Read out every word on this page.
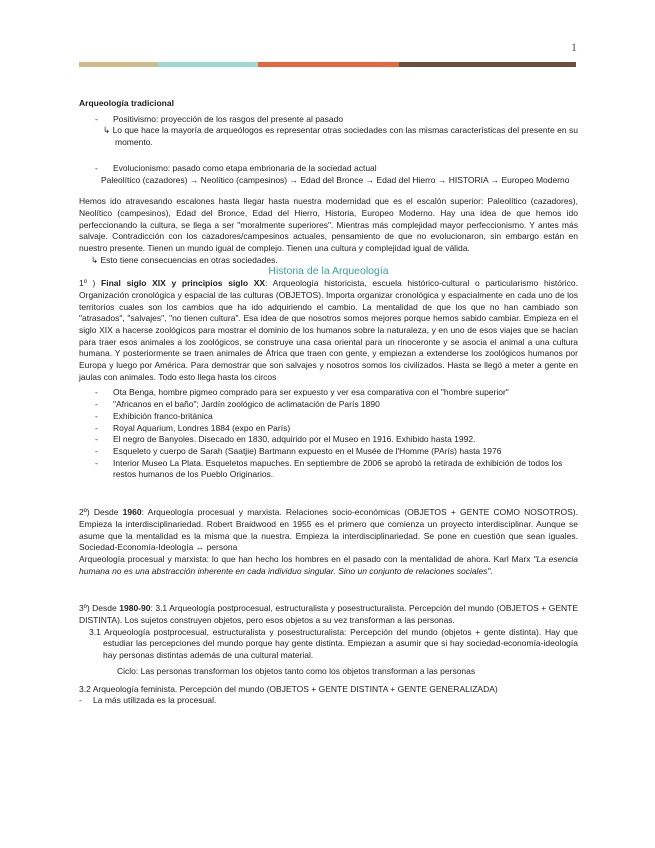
1

Arqueología tradicional

- Positivismo: proyección de los rasgos del presente al pasado

↳ Lo que hace la mayoría de arqueólogos es representar otras sociedades con las mismas características del presente en su momento.

- Evolucionismo: pasado como etapa embrionaria de la sociedad actual

Paleolítico (cazadores) → Neolítico (campesinos) → Edad del Bronce → Edad del Hierro → HISTORIA → Europeo Moderno

Hemos ido atravesando escalones hasta llegar hasta nuestra modernidad que es el escalón superior: Paleolítico (cazadores), Neolítico (campesinos), Edad del Bronce, Edad del Hierro, Historia, Europeo Moderno. Hay una idea de que hemos ido perfeccionando la cultura, se llega a ser "moralmente superiores". Mientras más complejidad mayor perfeccionismo. Y antes más salvaje. Contradicción con los cazadores/campesinos actuales, pensamiento de que no evolucionaron, sin embargo están en nuestro presente. Tienen un mundo igual de complejo. Tienen una cultura y complejidad igual de válida.

↳ Esto tiene consecuencias en otras sociedades.

Historia de la Arqueología

1º ) Final siglo XIX y principios siglo XX: Arqueología historicista, escuela histórico-cultural o particularismo histórico. Organización cronológica y espacial de las culturas (OBJETOS). Importa organizar cronológica y espacialmente en cada uno de los territorios cuales son los cambios que ha ido adquiriendo el cambio. La mentalidad de que los que no han cambiado son "atrasados", "salvajes", "no tienen cultura". Esa idea de que nosotros somos mejores porque hemos sabido cambiar. Empieza en el siglo XIX a hacerse zoológicos para mostrar el dominio de los humanos sobre la naturaleza, y en uno de esos viajes que se hacían para traer esos animales a los zoológicos, se construye una casa oriental para un rinoceronte y se asocia el animal a una cultura humana. Y posteriormente se traen animales de África que traen con gente, y empiezan a extenderse los zoológicos humanos por Europa y luego por América. Para demostrar que son salvajes y nosotros somos los civilizados. Hasta se llegó a meter a gente en jaulas con animales. Todo esto llega hasta los circos

- Ota Benga, hombre pigmeo comprado para ser expuesto y ver esa comparativa con el "hombre superior"
- "Africanos en el baño"; Jardín zoológico de aclimatación de París 1890
- Exhibición franco-británica
- Royal Aquarium, Londres 1884 (expo en París)
- El negro de Banyoles. Disecado en 1830, adquirido por el Museo en 1916. Exhibido hasta 1992.
- Esqueleto y cuerpo de Sarah (Saatjie) Bartmann expuesto en el Musée de l'Homme (PArís) hasta 1976
- Interior Museo La Plata. Esqueletos mapuches. En septiembre de 2006 se aprobó la retirada de exhibición de todos los restos humanos de los Pueblo Originarios.

2º) Desde 1960: Arqueología procesual y marxista. Relaciones socio-económicas (OBJETOS + GENTE COMO NOSOTROS). Empieza la interdisciplinariedad. Robert Braidwood en 1955 es el primero que comienza un proyecto interdisciplinar. Aunque se asume que la mentalidad es la misma que la nuestra. Empieza la interdisciplinariedad. Se pone en cuestión que sean iguales. Sociedad-Economía-Ideología ↔ persona

Arqueología procesual y marxista: lo que han hecho los hombres en el pasado con la mentalidad de ahora. Karl Marx "La esencia humana no es una abstracción inherente en cada individuo singular. Sino un conjunto de relaciones sociales".

3º) Desde 1980-90: 3.1 Arqueología postprocesual, estructuralista y posestructuralista. Percepción del mundo (OBJETOS + GENTE DISTINTA). Los sujetos construyen objetos, pero esos objetos a su vez transforman a las personas.

3.1 Arqueología postprocesual, estructuralista y posestructuralista: Percepción del mundo (objetos + gente distinta). Hay que estudiar las percepciones del mundo porque hay gente distinta. Empiezan a asumir que si hay sociedad-economía-ideología hay personas distintas además de una cultural material.

Ciclo: Las personas transforman los objetos tanto como los objetos transforman a las personas

3.2 Arqueología feminista. Percepción del mundo (OBJETOS + GENTE DISTINTA + GENTE GENERALIZADA)

- La más utilizada es la procesual.
